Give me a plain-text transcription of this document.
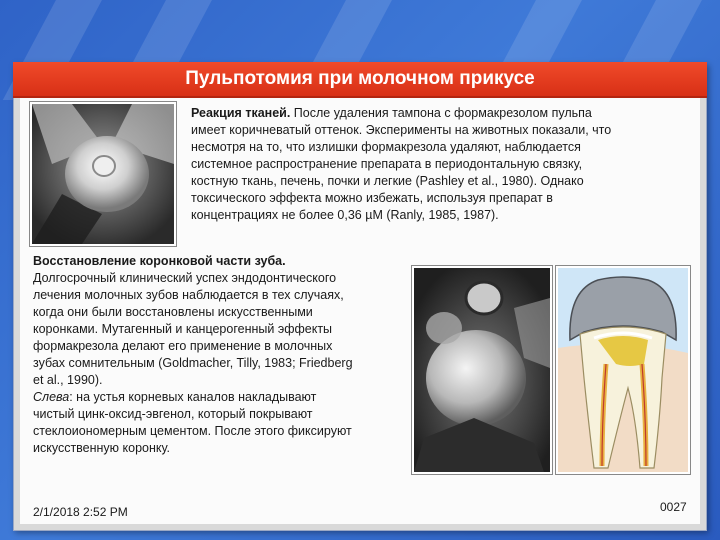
Пульпотомия при молочном прикусе
Реакция тканей. После удаления тампона с формакрезолом пульпа
имеет коричневатый оттенок. Эксперименты на животных показали, что
несмотря на то, что излишки формакрезола удаляют, наблюдается
системное распространение препарата в периодонтальную связку,
костную ткань, печень, почки и легкие (Pashley et al., 1980). Однако
токсического эффекта можно избежать, используя препарат в
концентрациях не более 0,36 µM (Ranly, 1985, 1987).
Восстановление коронковой части зуба.
Долгосрочный клинический успех эндодонтического
лечения молочных зубов наблюдается в тех случаях,
когда они были восстановлены искусственными
коронками. Мутагенный и канцерогенный эффекты
формакрезола делают его применение в молочных
зубах сомнительным (Goldmacher, Tilly, 1983; Friedberg
et al., 1990).
Слева: на устья корневых каналов накладывают
чистый цинк-оксид-эвгенол, который покрывают
стеклоиономерным цементом. После этого фиксируют
искусственную коронку.
2/1/2018 2:52 PM	0027
